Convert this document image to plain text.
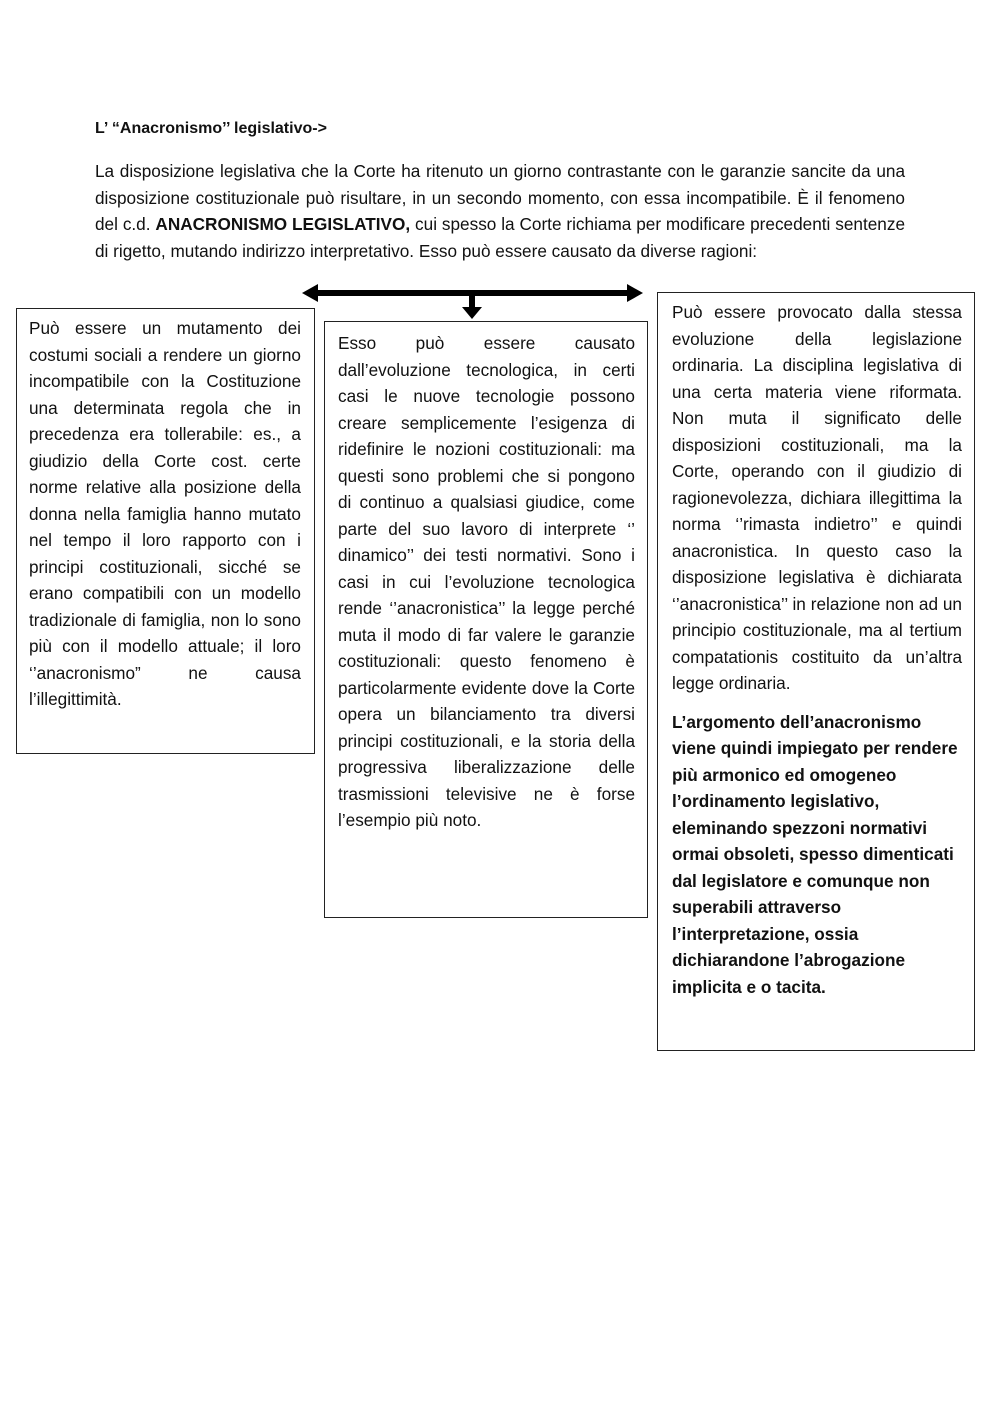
L’ “Anacronismo’’ legislativo->

La disposizione legislativa che la Corte ha ritenuto un giorno contrastante con le garanzie sancite da una disposizione costituzionale può risultare, in un secondo momento, con essa incompatibile. È il fenomeno del c.d. ANACRONISMO LEGISLATIVO, cui spesso la Corte richiama per modificare precedenti sentenze di rigetto, mutando indirizzo interpretativo. Esso può essere causato da diverse ragioni:

Può essere un mutamento dei costumi sociali a rendere un giorno incompatibile con la Costituzione una determinata regola che in precedenza era tollerabile: es., a giudizio della Corte cost. certe norme relative alla posizione della donna nella famiglia hanno mutato nel tempo il loro rapporto con i principi costituzionali, sicché se erano compatibili con un modello tradizionale di famiglia, non lo sono più con il modello attuale; il loro ‘’anacronismo” ne causa l’illegittimità.

Esso può essere causato dall’evoluzione tecnologica, in certi casi le nuove tecnologie possono creare semplicemente l’esigenza di ridefinire le nozioni costituzionali: ma questi sono problemi che si pongono di continuo a qualsiasi giudice, come parte del suo lavoro di interprete ‘’ dinamico’’ dei testi normativi. Sono i casi in cui l’evoluzione tecnologica rende ‘’anacronistica’’ la legge perché muta il modo di far valere le garanzie costituzionali: questo fenomeno è particolarmente evidente dove la Corte opera un bilanciamento tra diversi principi costituzionali, e la storia della progressiva liberalizzazione delle trasmissioni televisive ne è forse l’esempio più noto.

Può essere provocato dalla stessa evoluzione della legislazione ordinaria. La disciplina legislativa di una certa materia viene riformata. Non muta il significato delle disposizioni costituzionali, ma la Corte, operando con il giudizio di ragionevolezza, dichiara illegittima la norma ‘’rimasta indietro’’ e quindi anacronistica. In questo caso la disposizione legislativa è dichiarata ‘’anacronistica’’ in relazione non ad un principio costituzionale, ma al tertium compatationis costituito da un’altra legge ordinaria.

L’argomento dell’anacronismo viene quindi impiegato per rendere più armonico ed omogeneo l’ordinamento legislativo, eleminando spezzoni normativi ormai obsoleti, spesso dimenticati dal legislatore e comunque non superabili attraverso l’interpretazione, ossia dichiarandone l’abrogazione implicita e o tacita.
